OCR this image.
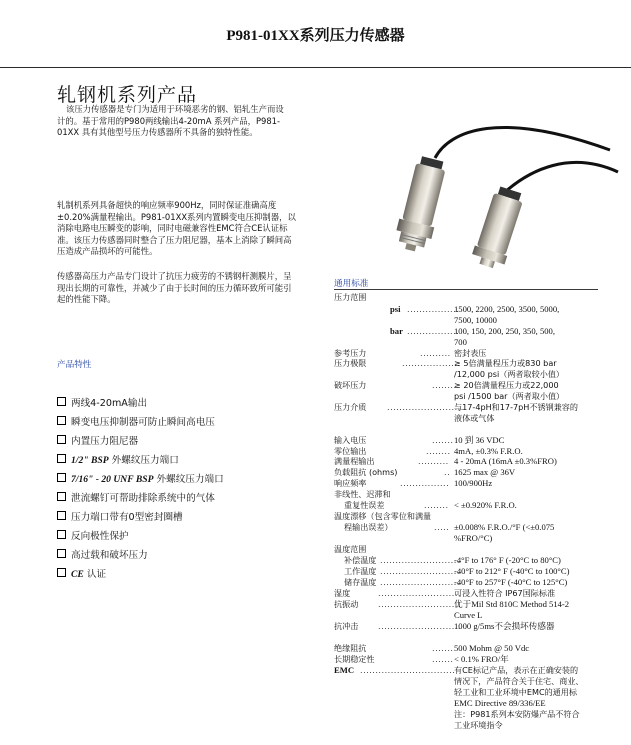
P981-01XX系列压力传感器
轧钢机系列产品
该压力传感器是专门为适用于环境恶劣的钢、铝轧生产而设
计的。基于常用的P980两线输出4-20mA 系列产品，P981-
01XX 具有其他型号压力传感器所不具备的独特性能。
轧制机系列具备超快的响应频率900Hz，同时保证准确高度
±0.20%满量程输出。P981-01XX系列内置瞬变电压抑制器，以
消除电路电压瞬变的影响，同时电磁兼容性EMC符合CE认证标
准。该压力传感器同时整合了压力阻尼器，基本上消除了瞬间高
压造成产品损坏的可能性。
传感器高压力产品专门设计了抗压力疲劳的不锈钢杆测膜片，呈
现出长期的可靠性，并减少了由于长时间的压力循环致所可能引
起的性能下降。
产品特性
两线4-20mA输出
瞬变电压抑制器可防止瞬间高电压
内置压力阻尼器
1/2" BSP 外螺纹压力端口
7/16" - 20 UNF BSP 外螺纹压力端口
泄流螺钉可帮助排除系统中的气体
压力端口带有0型密封圈槽
反向极性保护
高过载和破坏压力
CE 认证
通用标准
压力范围
psi .................
1500, 2200, 2500, 3500, 5000,
7500, 10000
bar .................
100, 150, 200, 250, 350, 500,
700
参考压力	.......... 密封表压
压力极限	...................
≥ 5倍满量程压力或830 bar
/12,000 psi（两者取较小值）
破坏压力	.........
≥ 20倍满量程压力或22,000
psi /1500 bar（两者取小值）
压力介质	.........................
与17-4pH和17-7pH不锈钢兼容的
液体或气体
输入电压	....... 10 到 36 VDC
零位输出	........ 4mA, ±0.3% F.R.O.
满量程输出	.......... 4 - 20mA (16mA ±0.3%FRO)
负载阻抗 (ohms)	.. 1625 max @ 36V
响应频率	................ 100/900Hz
非线性、迟滞和
重复性误差	........ < ±0.920% F.R.O.
温度漂移（包含零位和满量
程输出误差）	..... ±0.008% F.R.O./°F (<±0.075
%FRO/°C)
温度范围
补偿温度 ..........................
-4°F to 176° F (-20°C to 80°C)
工作温度 ..........................
-40°F to 212° F (-40°C to 100°C)
储存温度 ..........................
-40°F to 257°F (-40°C to 125°C)
湿度	...........................
可浸入性符合 IP67国际标准
抗振动 ...........................
优于Mil Std 810C Method 514-2
Curve L
抗冲击 ...........................
1000 g/5ms不会损坏传感器
绝缘阻抗	....... 500 Mohm @ 50 Vdc
长期稳定性	....... < 0.1% FRO/年
EMC ...............................
有CE标记产品，表示在正确安装的
情况下，产品符合关于住宅、商业、
轻工业和工业环境中EMC的通用标
EMC Directive 89/336/EE
注：P981系列本安防爆产品不符合
工业环境指令
